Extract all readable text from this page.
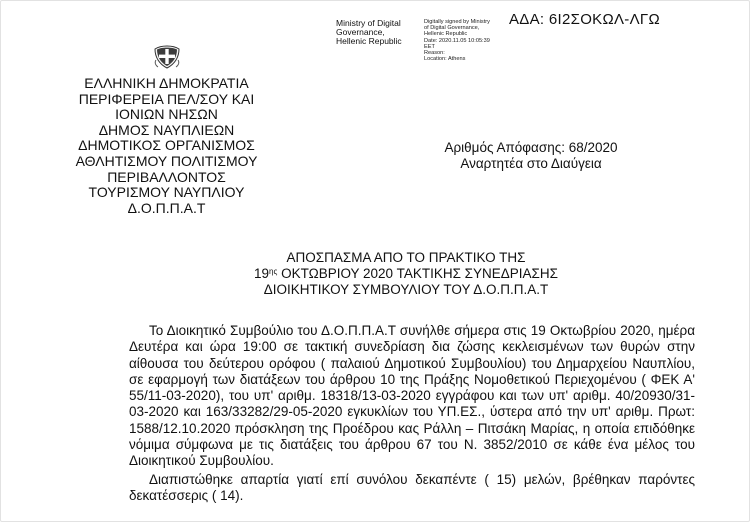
ΑΔΑ: 6Ι2ΣΟΚΩΛ-ΛΓΩ
Ministry of Digital
Governance,
Hellenic Republic
Digitally signed by Ministry
of Digital Governance,
Hellenic Republic
Date: 2020.11.05 10:05:39
EET
Reason:
Location: Athens
ΕΛΛΗΝΙΚΗ ΔΗΜΟΚΡΑΤΙΑ
ΠΕΡΙΦΕΡΕΙΑ ΠΕΛ/ΣΟΥ ΚΑΙ
ΙΟΝΙΩΝ ΝΗΣΩΝ
ΔΗΜΟΣ ΝΑΥΠΛΙΕΩΝ
ΔΗΜΟΤΙΚΟΣ ΟΡΓΑΝΙΣΜΟΣ
ΑΘΛΗΤΙΣΜΟΥ ΠΟΛΙΤΙΣΜΟΥ
ΠΕΡΙΒΑΛΛΟΝΤΟΣ
ΤΟΥΡΙΣΜΟΥ ΝΑΥΠΛΙΟΥ
Δ.Ο.Π.Π.Α.Τ
Αριθμός Απόφασης: 68/2020
Αναρτητέα στο Διαύγεια
ΑΠΟΣΠΑΣΜΑ ΑΠΟ ΤΟ ΠΡΑΚΤΙΚΟ ΤΗΣ
$19^{\eta\varsigma}$ ΟΚΤΩΒΡΙΟΥ 2020 ΤΑΚΤΙΚΗΣ ΣΥΝΕΔΡΙΑΣΗΣ
ΔΙΟΙΚΗΤΙΚΟΥ ΣΥΜΒΟΥΛΙΟΥ ΤΟΥ Δ.Ο.Π.Π.Α.Τ

Το Διοικητικό Συμβούλιο του Δ.Ο.Π.Π.Α.Τ συνήλθε σήμερα στις 19 Οκτωβρίου 2020, ημέρα Δευτέρα και ώρα 19:00 σε τακτική συνεδρίαση δια ζώσης κεκλεισμένων των θυρών στην αίθουσα του δεύτερου ορόφου ( παλαιού Δημοτικού Συμβουλίου) του Δημαρχείου Ναυπλίου, σε εφαρμογή των διατάξεων του άρθρου 10 της Πράξης Νομοθετικού Περιεχομένου ( ΦΕΚ Α' 55/11-03-2020), του υπ' αριθμ. 18318/13-03-2020 εγγράφου και των υπ' αριθμ. 40/20930/31-03-2020 και 163/33282/29-05-2020 εγκυκλίων του ΥΠ.ΕΣ., ύστερα από την υπ' αριθμ. Πρωτ: 1588/12.10.2020 πρόσκληση της Προέδρου κας Ράλλη – Πιτσάκη Μαρίας, η οποία επιδόθηκε νόμιμα σύμφωνα με τις διατάξεις του άρθρου 67 του Ν. 3852/2010 σε κάθε ένα μέλος του Διοικητικού Συμβουλίου.

Διαπιστώθηκε απαρτία γιατί επί συνόλου δεκαπέντε ( 15) μελών, βρέθηκαν παρόντες δεκατέσσερις ( 14).
